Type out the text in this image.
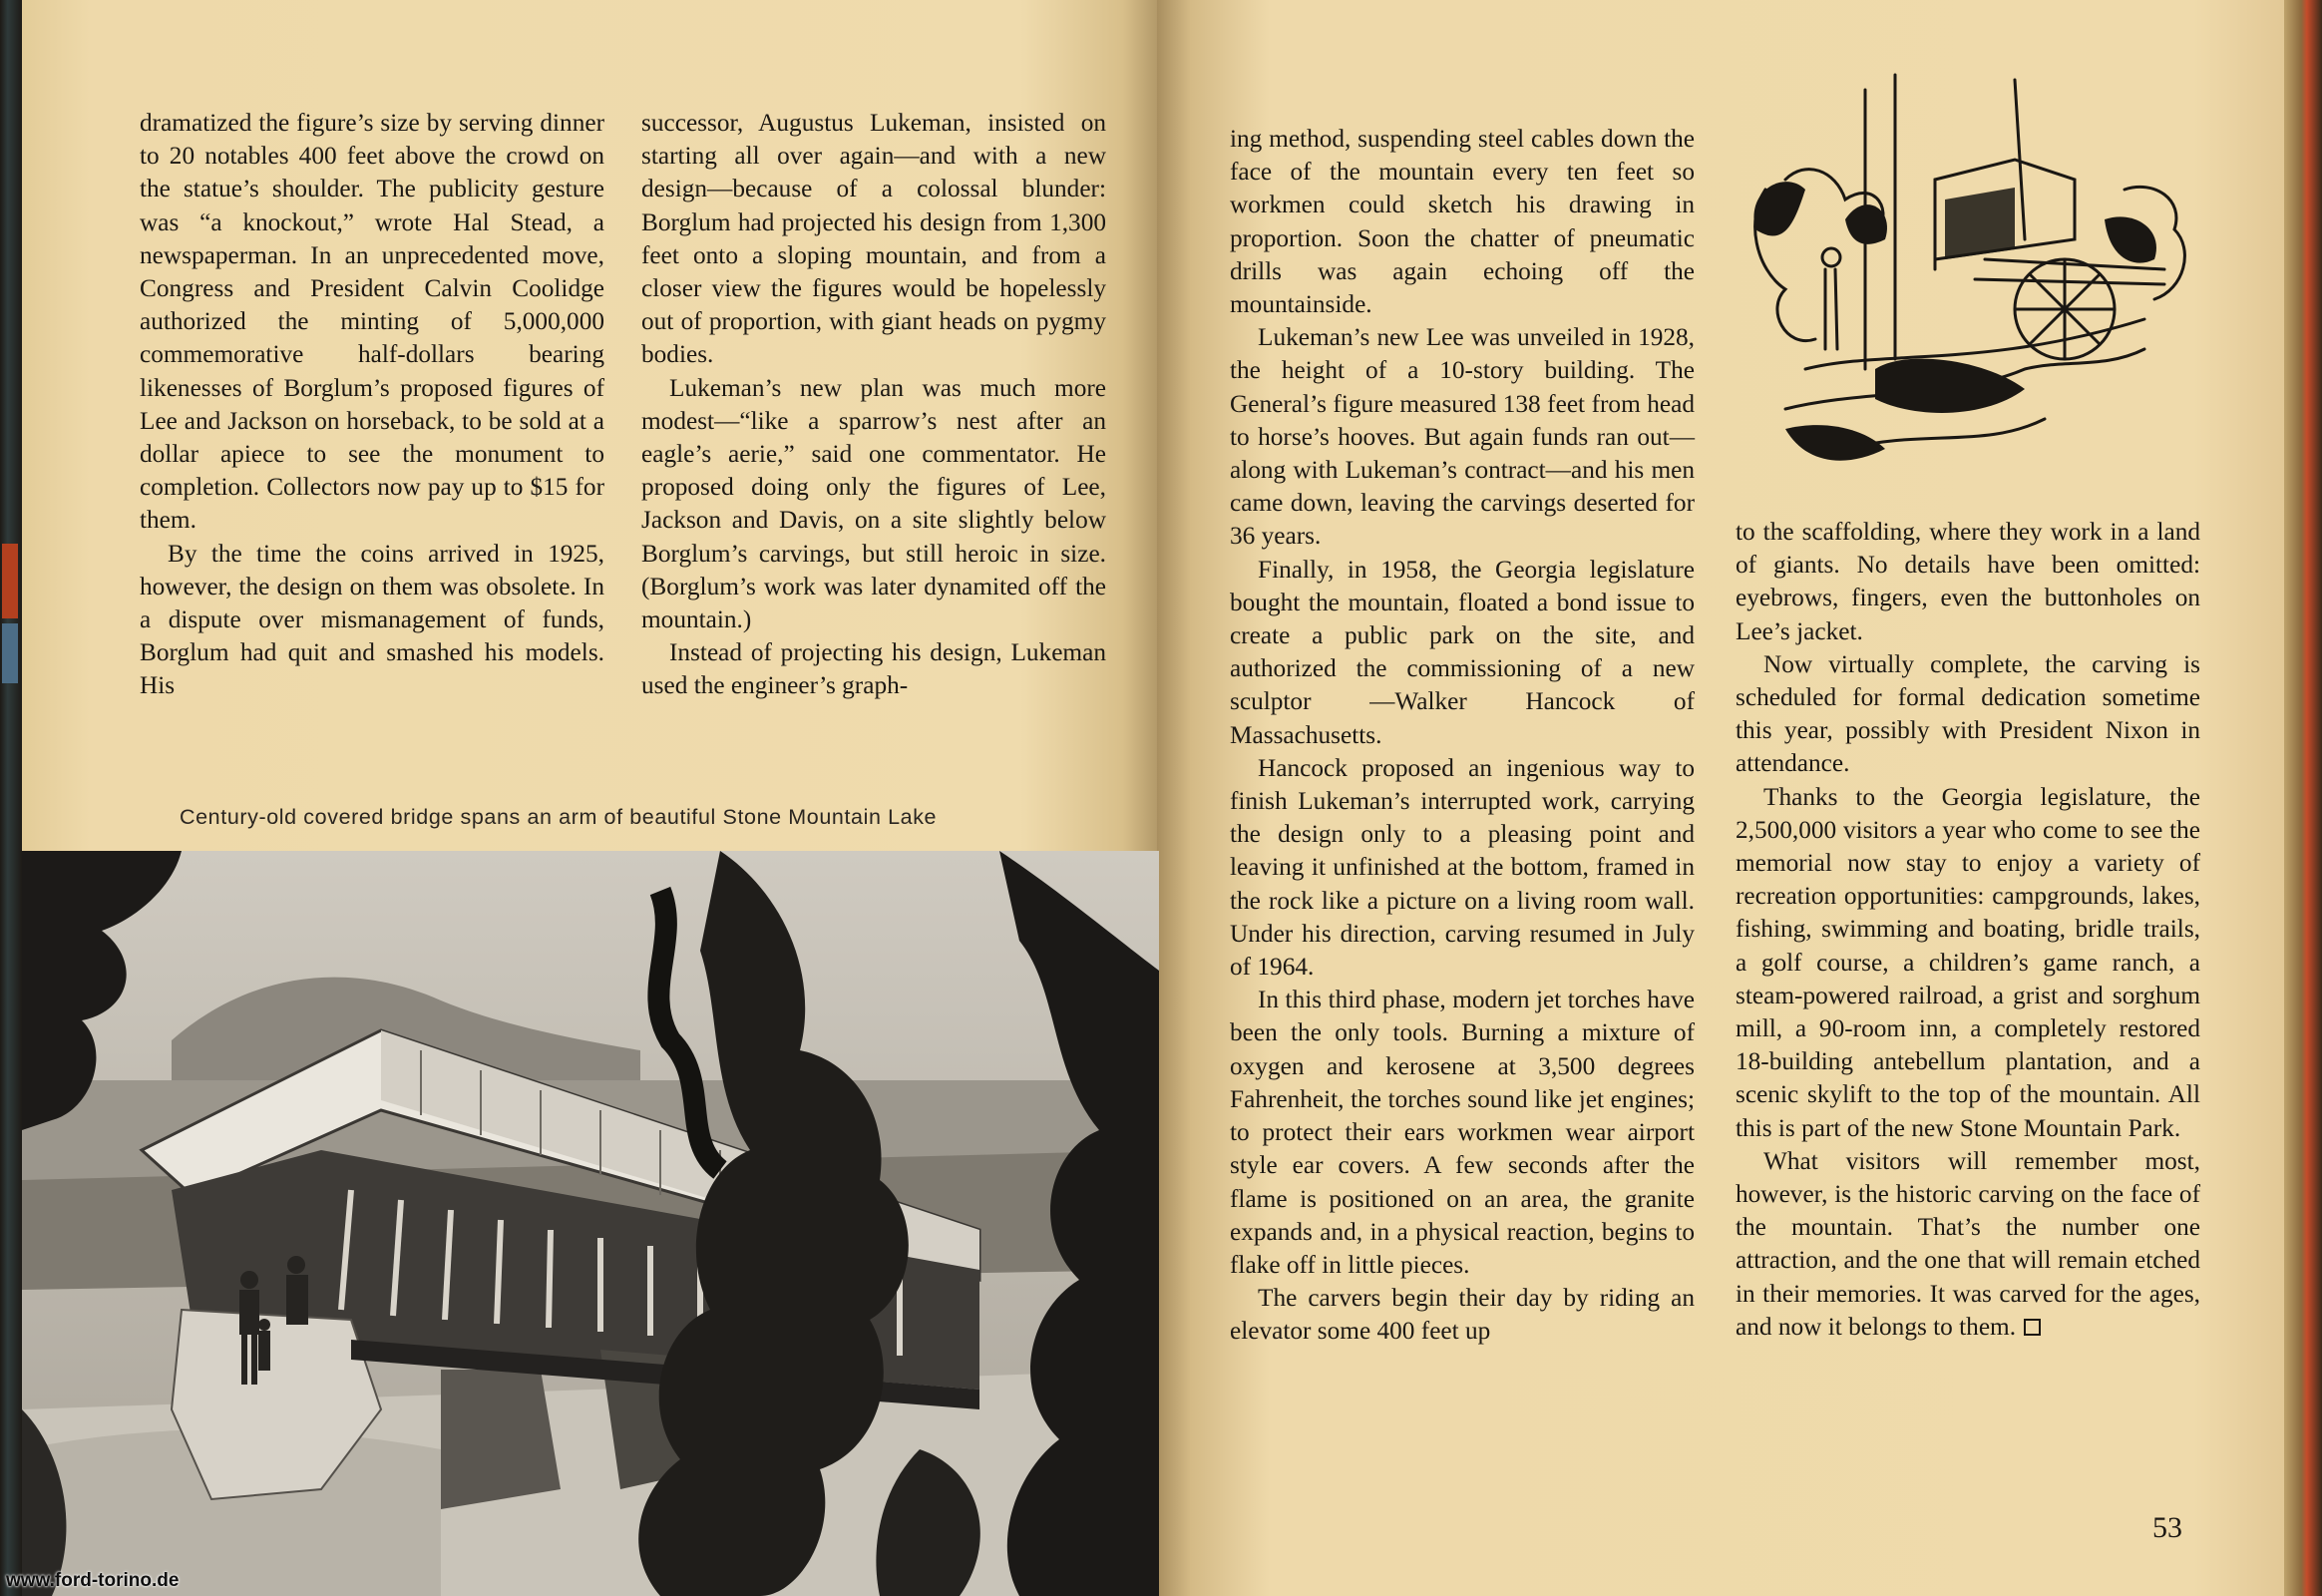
dramatized the figure’s size by serving dinner to 20 notables 400 feet above the crowd on the statue’s shoulder. The publicity gesture was “a knockout,” wrote Hal Stead, a newspaperman. In an unprecedented move, Congress and President Calvin Coolidge authorized the minting of 5,000,000 commemorative half-dollars bearing likenesses of Borglum’s proposed figures of Lee and Jackson on horseback, to be sold at a dollar apiece to see the monument to completion. Collectors now pay up to $15 for them.

By the time the coins arrived in 1925, however, the design on them was obsolete. In a dispute over mismanagement of funds, Borglum had quit and smashed his models. His

successor, Augustus Lukeman, insisted on starting all over again—and with a new design—because of a colossal blunder: Borglum had projected his design from 1,300 feet onto a sloping mountain, and from a closer view the figures would be hopelessly out of proportion, with giant heads on pygmy bodies.

Lukeman’s new plan was much more modest—“like a sparrow’s nest after an eagle’s aerie,” said one commentator. He proposed doing only the figures of Lee, Jackson and Davis, on a site slightly below Borglum’s carvings, but still heroic in size. (Borglum’s work was later dynamited off the mountain.)

Instead of projecting his design, Lukeman used the engineer’s graph-

Century-old covered bridge spans an arm of beautiful Stone Mountain Lake

ing method, suspending steel cables down the face of the mountain every ten feet so workmen could sketch his drawing in proportion. Soon the chatter of pneumatic drills was again echoing off the mountainside.

Lukeman’s new Lee was unveiled in 1928, the height of a 10-story building. The General’s figure measured 138 feet from head to horse’s hooves. But again funds ran out—along with Lukeman’s contract—and his men came down, leaving the carvings deserted for 36 years.

Finally, in 1958, the Georgia legislature bought the mountain, floated a bond issue to create a public park on the site, and authorized the commissioning of a new sculptor —Walker Hancock of Massachusetts.

Hancock proposed an ingenious way to finish Lukeman’s interrupted work, carrying the design only to a pleasing point and leaving it unfinished at the bottom, framed in the rock like a picture on a living room wall. Under his direction, carving resumed in July of 1964.

In this third phase, modern jet torches have been the only tools. Burning a mixture of oxygen and kerosene at 3,500 degrees Fahrenheit, the torches sound like jet engines; to protect their ears workmen wear airport style ear covers. A few seconds after the flame is positioned on an area, the granite expands and, in a physical reaction, begins to flake off in little pieces.

The carvers begin their day by riding an elevator some 400 feet up

to the scaffolding, where they work in a land of giants. No details have been omitted: eyebrows, fingers, even the buttonholes on Lee’s jacket.

Now virtually complete, the carving is scheduled for formal dedication sometime this year, possibly with President Nixon in attendance.

Thanks to the Georgia legislature, the 2,500,000 visitors a year who come to see the memorial now stay to enjoy a variety of recreation opportunities: campgrounds, lakes, fishing, swimming and boating, bridle trails, a golf course, a children’s game ranch, a steam-powered railroad, a grist and sorghum mill, a 90-room inn, a completely restored 18-building antebellum plantation, and a scenic skylift to the top of the mountain. All this is part of the new Stone Mountain Park.

What visitors will remember most, however, is the historic carving on the face of the mountain. That’s the number one attraction, and the one that will remain etched in their memories. It was carved for the ages, and now it belongs to them.

53
www.ford-torino.de
